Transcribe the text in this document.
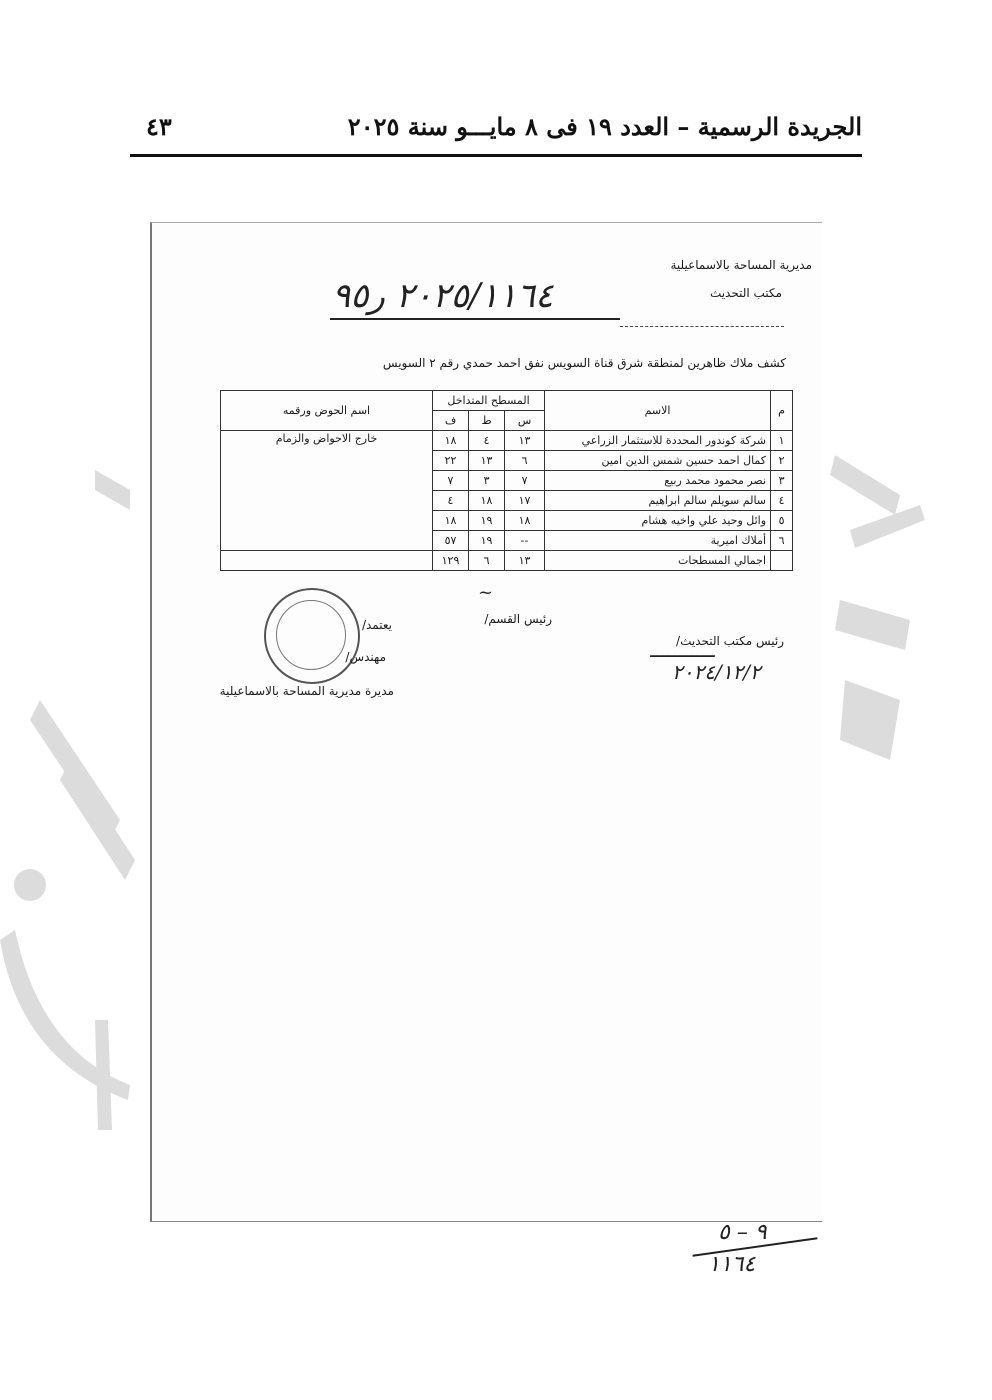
الجريدة الرسمية – العدد ١٩ فى ٨ مايـــو سنة ٢٠٢٥
٤٣
مديرية المساحة بالاسماعيلية
مكتب التحديث
٢٠٢٥/١١٦٤ ر٩٥
كشف ملاك ظاهرين لمنطقة شرق قناة السويس نفق احمد حمدي رقم ٢ السويس
م	الاسم	المسطح المتداخل			اسم الحوض ورقمه
		س	ط	ف	
١	شركة كوندور المحددة للاستثمار الزراعي	١٣	٤	١٨	خارج الاحواض والزمام
٢	كمال احمد حسين شمس الدين امين	٦	١٣	٢٢	
٣	نصر محمود محمد ربيع	٧	٣	٧	
٤	سالم سويلم سالم ابراهيم	١٧	١٨	٤	
٥	وائل وحيد علي واخيه هشام	١٨	١٩	١٨	
٦	أملاك اميرية	--	١٩	٥٧	
	اجمالي المسطحات	١٣	٦	١٢٩	
رئيس مكتب التحديث/
ـــــــــــ
٢٠٢٤/١٢/٢
رئيس القسم/
~
يعتمد/
مهندس/
مديرة مديرية المساحة بالاسماعيلية
٩ – ٥
١١٦٤
